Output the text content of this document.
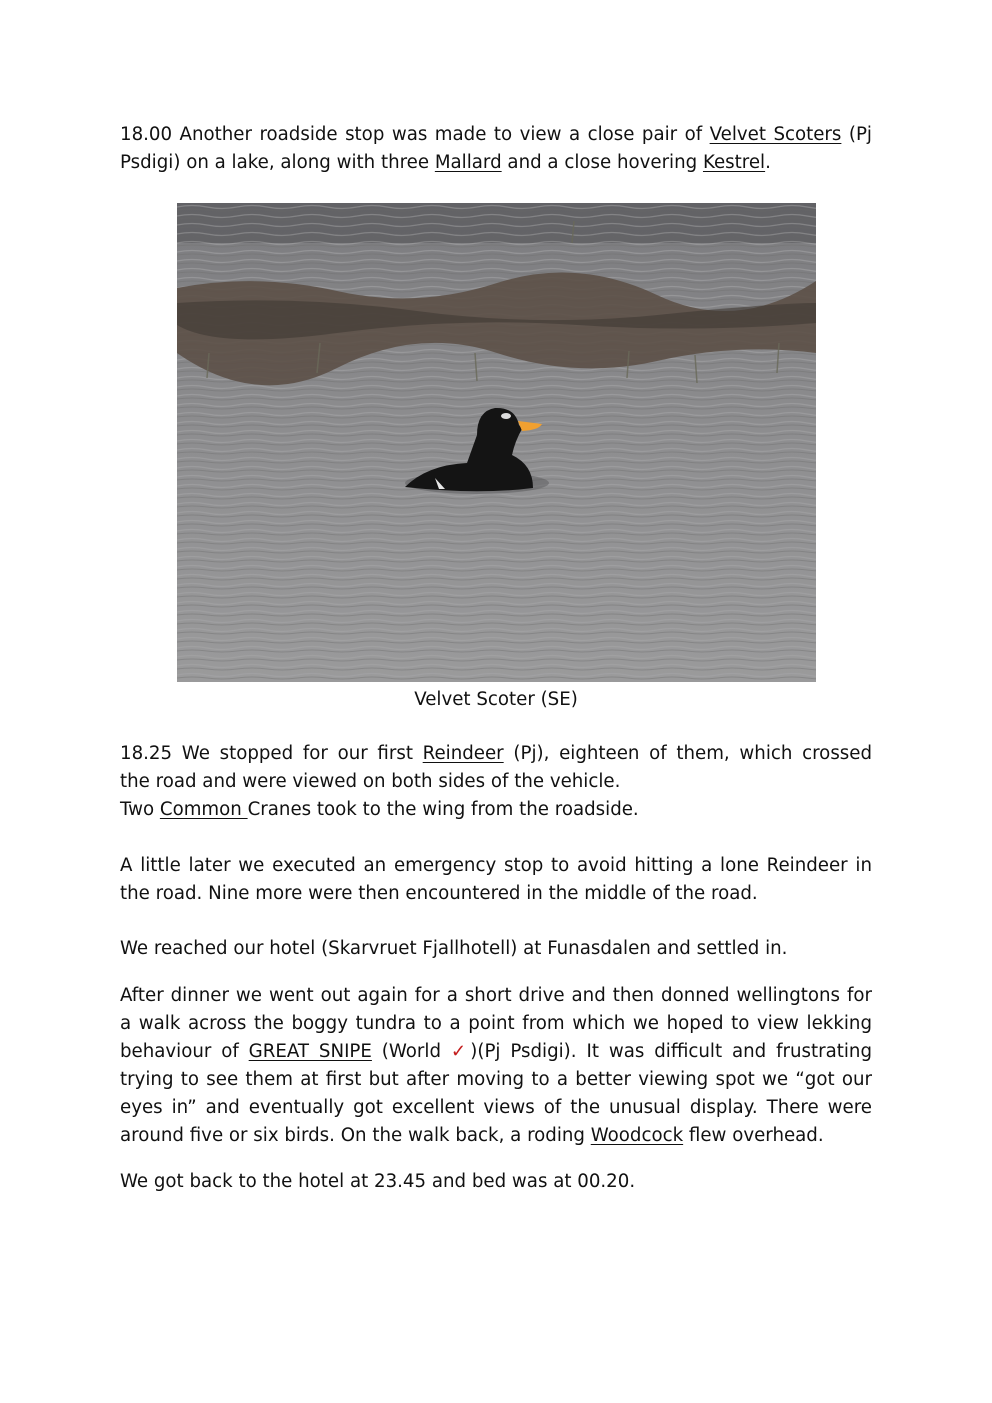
18.00 Another roadside stop was made to view a close pair of Velvet Scoters (Pj
Psdigi) on a lake, along with three Mallard and a close hovering Kestrel.

Velvet Scoter (SE)

18.25 We stopped for our first Reindeer (Pj), eighteen of them, which crossed
the road and were viewed on both sides of the vehicle.
Two Common Cranes took to the wing from the roadside.

A little later we executed an emergency stop to avoid hitting a lone Reindeer in
the road. Nine more were then encountered in the middle of the road.

We reached our hotel (Skarvruet Fjallhotell) at Funasdalen and settled in.

After dinner we went out again for a short drive and then donned wellingtons for
a walk across the boggy tundra to a point from which we hoped to view lekking
behaviour of GREAT SNIPE (World ✓)(Pj Psdigi). It was difficult and frustrating
trying to see them at first but after moving to a better viewing spot we “got our
eyes in” and eventually got excellent views of the unusual display. There were
around five or six birds. On the walk back, a roding Woodcock flew overhead.

We got back to the hotel at 23.45 and bed was at 00.20.
